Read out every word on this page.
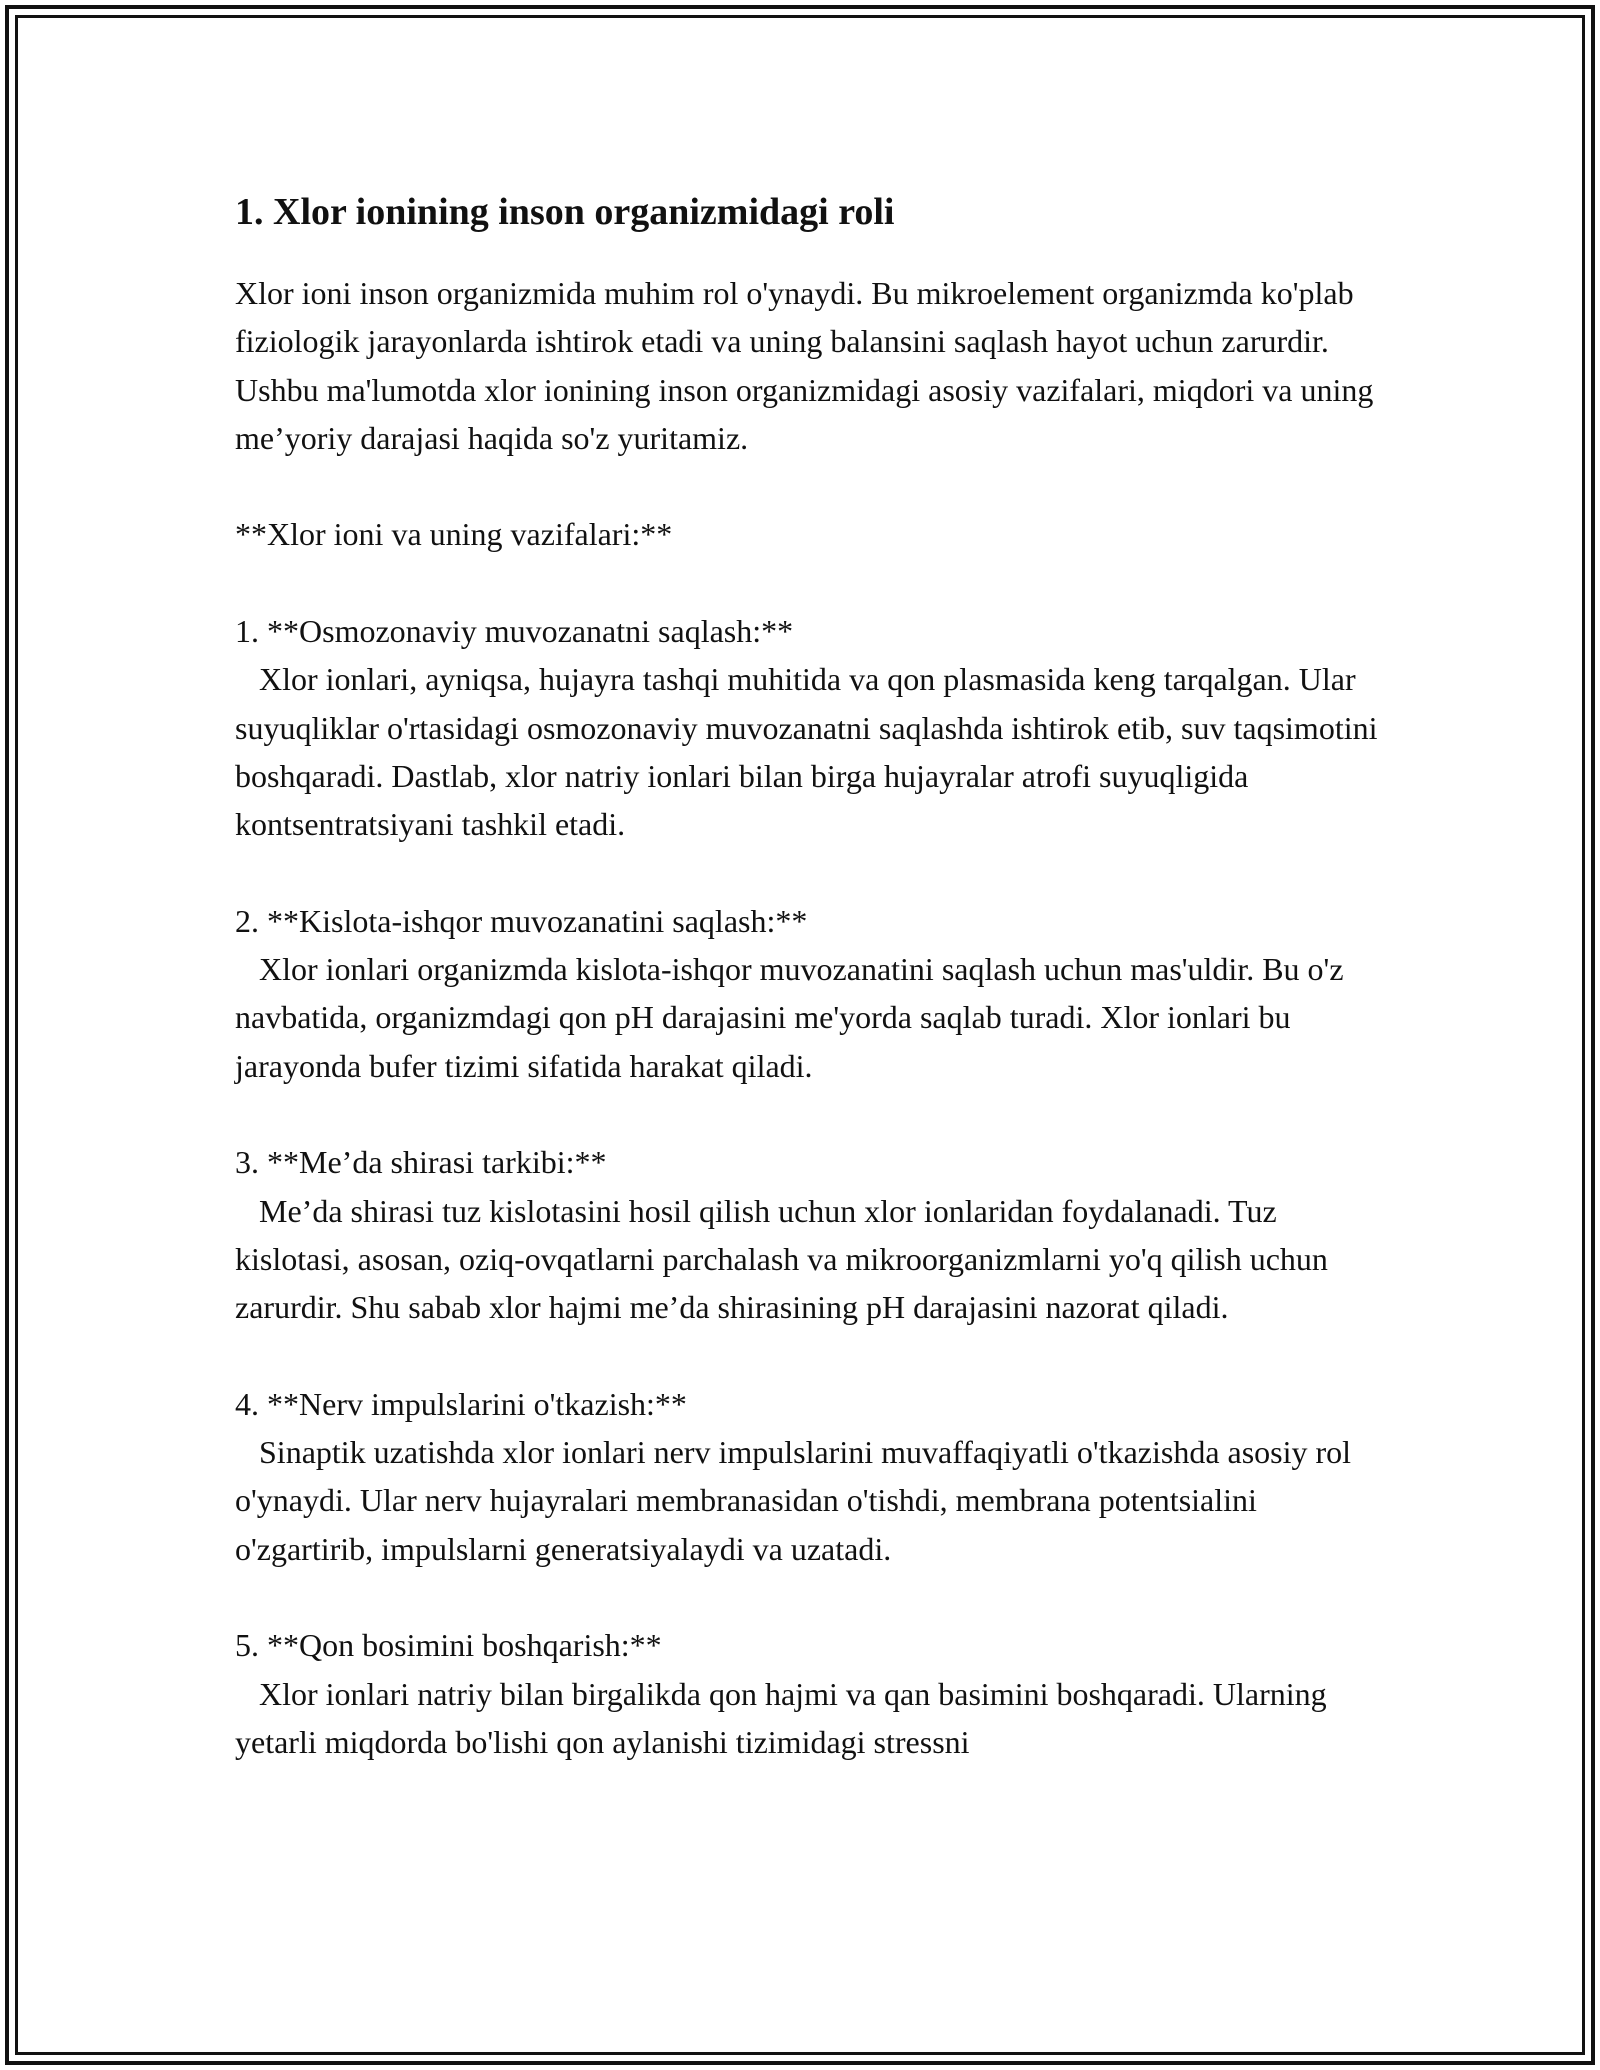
1. Xlor ionining inson organizmidagi roli

Xlor ioni inson organizmida muhim rol o'ynaydi. Bu mikroelement organizmda ko'plab fiziologik jarayonlarda ishtirok etadi va uning balansini saqlash hayot uchun zarurdir. Ushbu ma'lumotda xlor ionining inson organizmidagi asosiy vazifalari, miqdori va uning me’yoriy darajasi haqida so'z yuritamiz.

**Xlor ioni va uning vazifalari:**

1. **Osmozonaviy muvozanatni saqlash:**

Xlor ionlari, ayniqsa, hujayra tashqi muhitida va qon plasmasida keng tarqalgan. Ular suyuqliklar o'rtasidagi osmozonaviy muvozanatni saqlashda ishtirok etib, suv taqsimotini boshqaradi. Dastlab, xlor natriy ionlari bilan birga hujayralar atrofi suyuqligida kontsentratsiyani tashkil etadi.

2. **Kislota-ishqor muvozanatini saqlash:**

Xlor ionlari organizmda kislota-ishqor muvozanatini saqlash uchun mas'uldir. Bu o'z navbatida, organizmdagi qon pH darajasini me'yorda saqlab turadi. Xlor ionlari bu jarayonda bufer tizimi sifatida harakat qiladi.

3. **Me’da shirasi tarkibi:**

Me’da shirasi tuz kislotasini hosil qilish uchun xlor ionlaridan foydalanadi. Tuz kislotasi, asosan, oziq-ovqatlarni parchalash va mikroorganizmlarni yo'q qilish uchun zarurdir. Shu sabab xlor hajmi me’da shirasining pH darajasini nazorat qiladi.

4. **Nerv impulslarini o'tkazish:**

Sinaptik uzatishda xlor ionlari nerv impulslarini muvaffaqiyatli o'tkazishda asosiy rol o'ynaydi. Ular nerv hujayralari membranasidan o'tishdi, membrana potentsialini o'zgartirib, impulslarni generatsiyalaydi va uzatadi.

5. **Qon bosimini boshqarish:**

Xlor ionlari natriy bilan birgalikda qon hajmi va qan basimini boshqaradi. Ularning yetarli miqdorda bo'lishi qon aylanishi tizimidagi stressni
